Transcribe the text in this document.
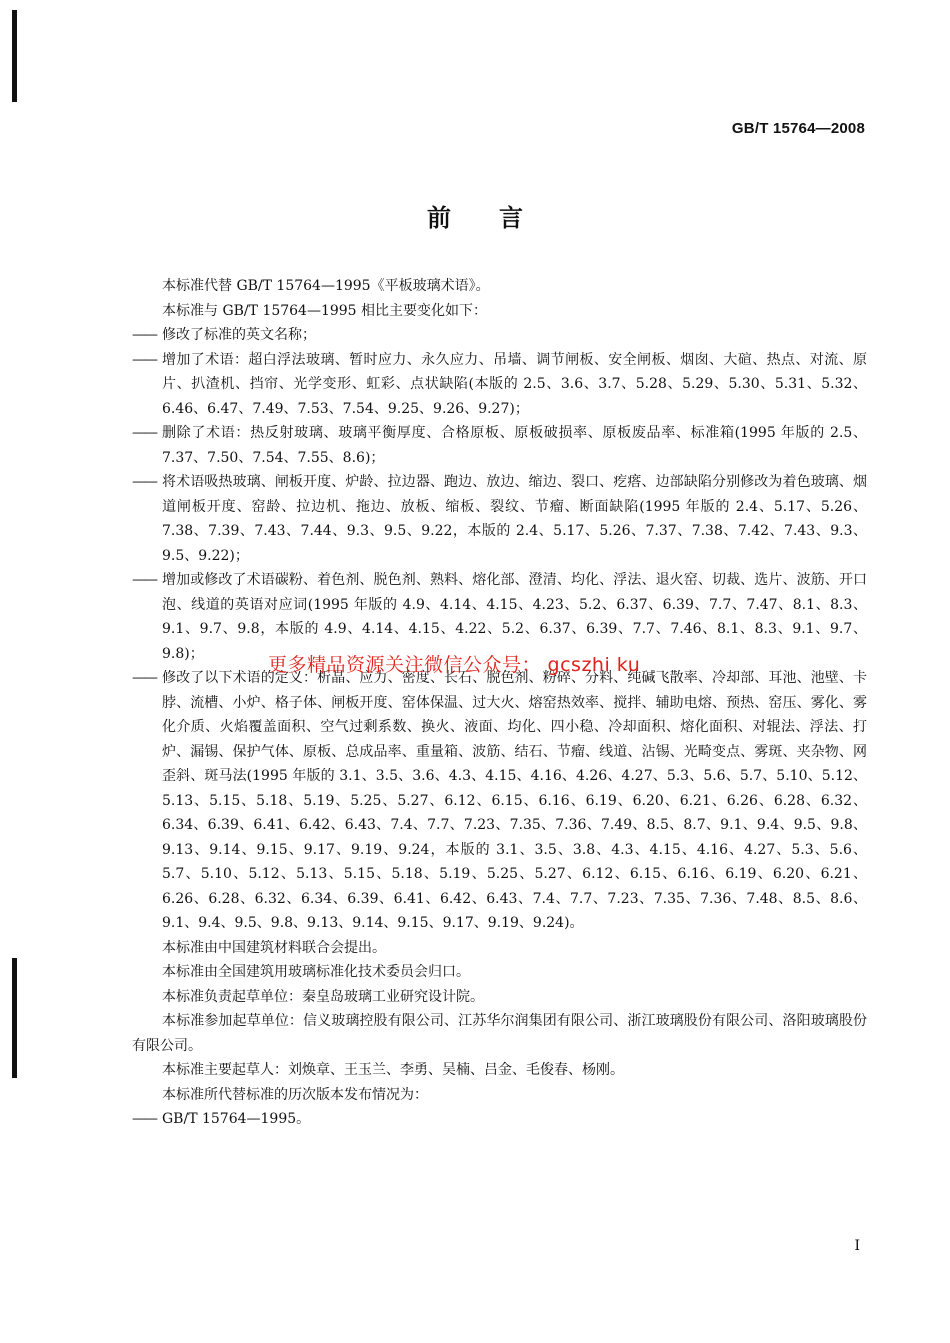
GB/T 15764—2008
前言

本标准代替 GB/T 15764—1995《平板玻璃术语》。

本标准与 GB/T 15764—1995 相比主要变化如下：

—— 修改了标准的英文名称；
—— 增加了术语：超白浮法玻璃、暂时应力、永久应力、吊墙、调节闸板、安全闸板、烟囱、大碹、热点、对流、原片、扒渣机、挡帘、光学变形、虹彩、点状缺陷(本版的 2.5、3.6、3.7、5.28、5.29、5.30、5.31、5.32、6.46、6.47、7.49、7.53、7.54、9.25、9.26、9.27)；
—— 删除了术语：热反射玻璃、玻璃平衡厚度、合格原板、原板破损率、原板废品率、标准箱(1995 年版的 2.5、7.37、7.50、7.54、7.55、8.6)；
—— 将术语吸热玻璃、闸板开度、炉龄、拉边器、跑边、放边、缩边、裂口、疙瘩、边部缺陷分别修改为着色玻璃、烟道闸板开度、窑龄、拉边机、拖边、放板、缩板、裂纹、节瘤、断面缺陷(1995 年版的 2.4、5.17、5.26、7.38、7.39、7.43、7.44、9.3、9.5、9.22，本版的 2.4、5.17、5.26、7.37、7.38、7.42、7.43、9.3、9.5、9.22)；
—— 增加或修改了术语碳粉、着色剂、脱色剂、熟料、熔化部、澄清、均化、浮法、退火窑、切裁、选片、波筋、开口泡、线道的英语对应词(1995 年版的 4.9、4.14、4.15、4.23、5.2、6.37、6.39、7.7、7.47、8.1、8.3、9.1、9.7、9.8，本版的 4.9、4.14、4.15、4.22、5.2、6.37、6.39、7.7、7.46、8.1、8.3、9.1、9.7、9.8)；
—— 修改了以下术语的定义：析晶、应力、密度、长石、脱色剂、粉碎、分料、纯碱飞散率、冷却部、耳池、池壁、卡脖、流槽、小炉、格子体、闸板开度、窑体保温、过大火、熔窑热效率、搅拌、辅助电熔、预热、窑压、雾化、雾化介质、火焰覆盖面积、空气过剩系数、换火、液面、均化、四小稳、冷却面积、熔化面积、对辊法、浮法、打炉、漏锡、保护气体、原板、总成品率、重量箱、波筋、结石、节瘤、线道、沾锡、光畸变点、雾斑、夹杂物、网歪斜、斑马法(1995 年版的 3.1、3.5、3.6、4.3、4.15、4.16、4.26、4.27、5.3、5.6、5.7、5.10、5.12、5.13、5.15、5.18、5.19、5.25、5.27、6.12、6.15、6.16、6.19、6.20、6.21、6.26、6.28、6.32、6.34、6.39、6.41、6.42、6.43、7.4、7.7、7.23、7.35、7.36、7.49、8.5、8.7、9.1、9.4、9.5、9.8、9.13、9.14、9.15、9.17、9.19、9.24，本版的 3.1、3.5、3.8、4.3、4.15、4.16、4.27、5.3、5.6、5.7、5.10、5.12、5.13、5.15、5.18、5.19、5.25、5.27、6.12、6.15、6.16、6.19、6.20、6.21、6.26、6.28、6.32、6.34、6.39、6.41、6.42、6.43、7.4、7.7、7.23、7.35、7.36、7.48、8.5、8.6、9.1、9.4、9.5、9.8、9.13、9.14、9.15、9.17、9.19、9.24)。

本标准由中国建筑材料联合会提出。

本标准由全国建筑用玻璃标准化技术委员会归口。

本标准负责起草单位：秦皇岛玻璃工业研究设计院。

本标准参加起草单位：信义玻璃控股有限公司、江苏华尔润集团有限公司、浙江玻璃股份有限公司、洛阳玻璃股份有限公司。

本标准主要起草人：刘焕章、王玉兰、李勇、吴楠、吕金、毛俊春、杨刚。

本标准所代替标准的历次版本发布情况为：

—— GB/T 15764—1995。
更多精品资源关注微信公众号： gcszhi ku
I
